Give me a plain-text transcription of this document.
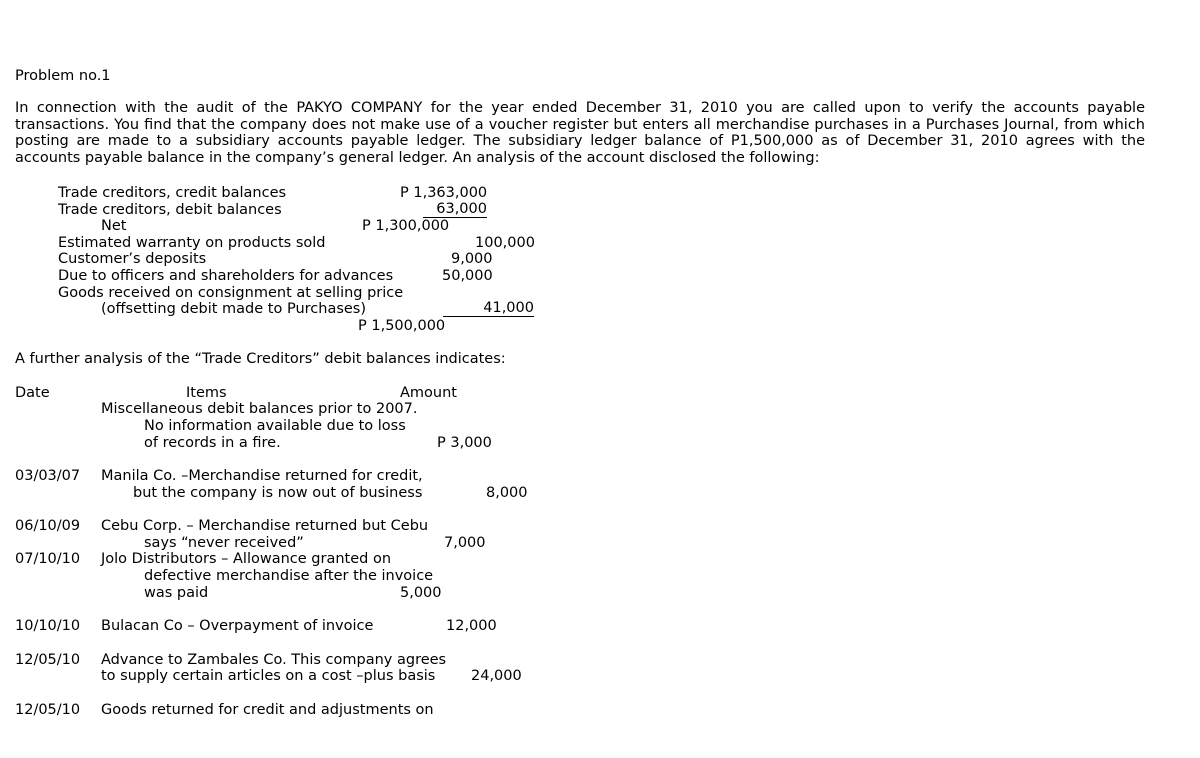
Problem no.1
In connection with the audit of the PAKYO COMPANY for the year ended December 31, 2010 you are called upon to verify the accounts payable transactions. You find that the company does not make use of a voucher register but enters all merchandise purchases in a Purchases Journal, from which posting are made to a subsidiary accounts payable ledger. The subsidiary ledger balance of P1,500,000 as of December 31, 2010 agrees with the accounts payable balance in the company’s general ledger. An analysis of the account disclosed the following:
Trade creditors, credit balances	P 1,363,000
Trade creditors, debit balances	63,000
Net	P 1,300,000
Estimated warranty on products sold	100,000
Customer’s deposits	9,000
Due to officers and shareholders for advances	50,000
Goods received on consignment at selling price
(offsetting debit made to Purchases)	41,000
P 1,500,000
A further analysis of the “Trade Creditors” debit balances indicates:
Date	Items	Amount
Miscellaneous debit balances prior to 2007.
No information available due to loss
of records in a fire.	P 3,000
03/03/07 Manila Co. –Merchandise returned for credit,
but the company is now out of business	8,000
06/10/09 Cebu Corp. – Merchandise returned but Cebu
says “never received”	7,000
07/10/10 Jolo Distributors – Allowance granted on
defective merchandise after the invoice
was paid	5,000
10/10/10 Bulacan Co – Overpayment of invoice	12,000
12/05/10 Advance to Zambales Co. This company agrees
to supply certain articles on a cost –plus basis 24,000
12/05/10 Goods returned for credit and adjustments on
